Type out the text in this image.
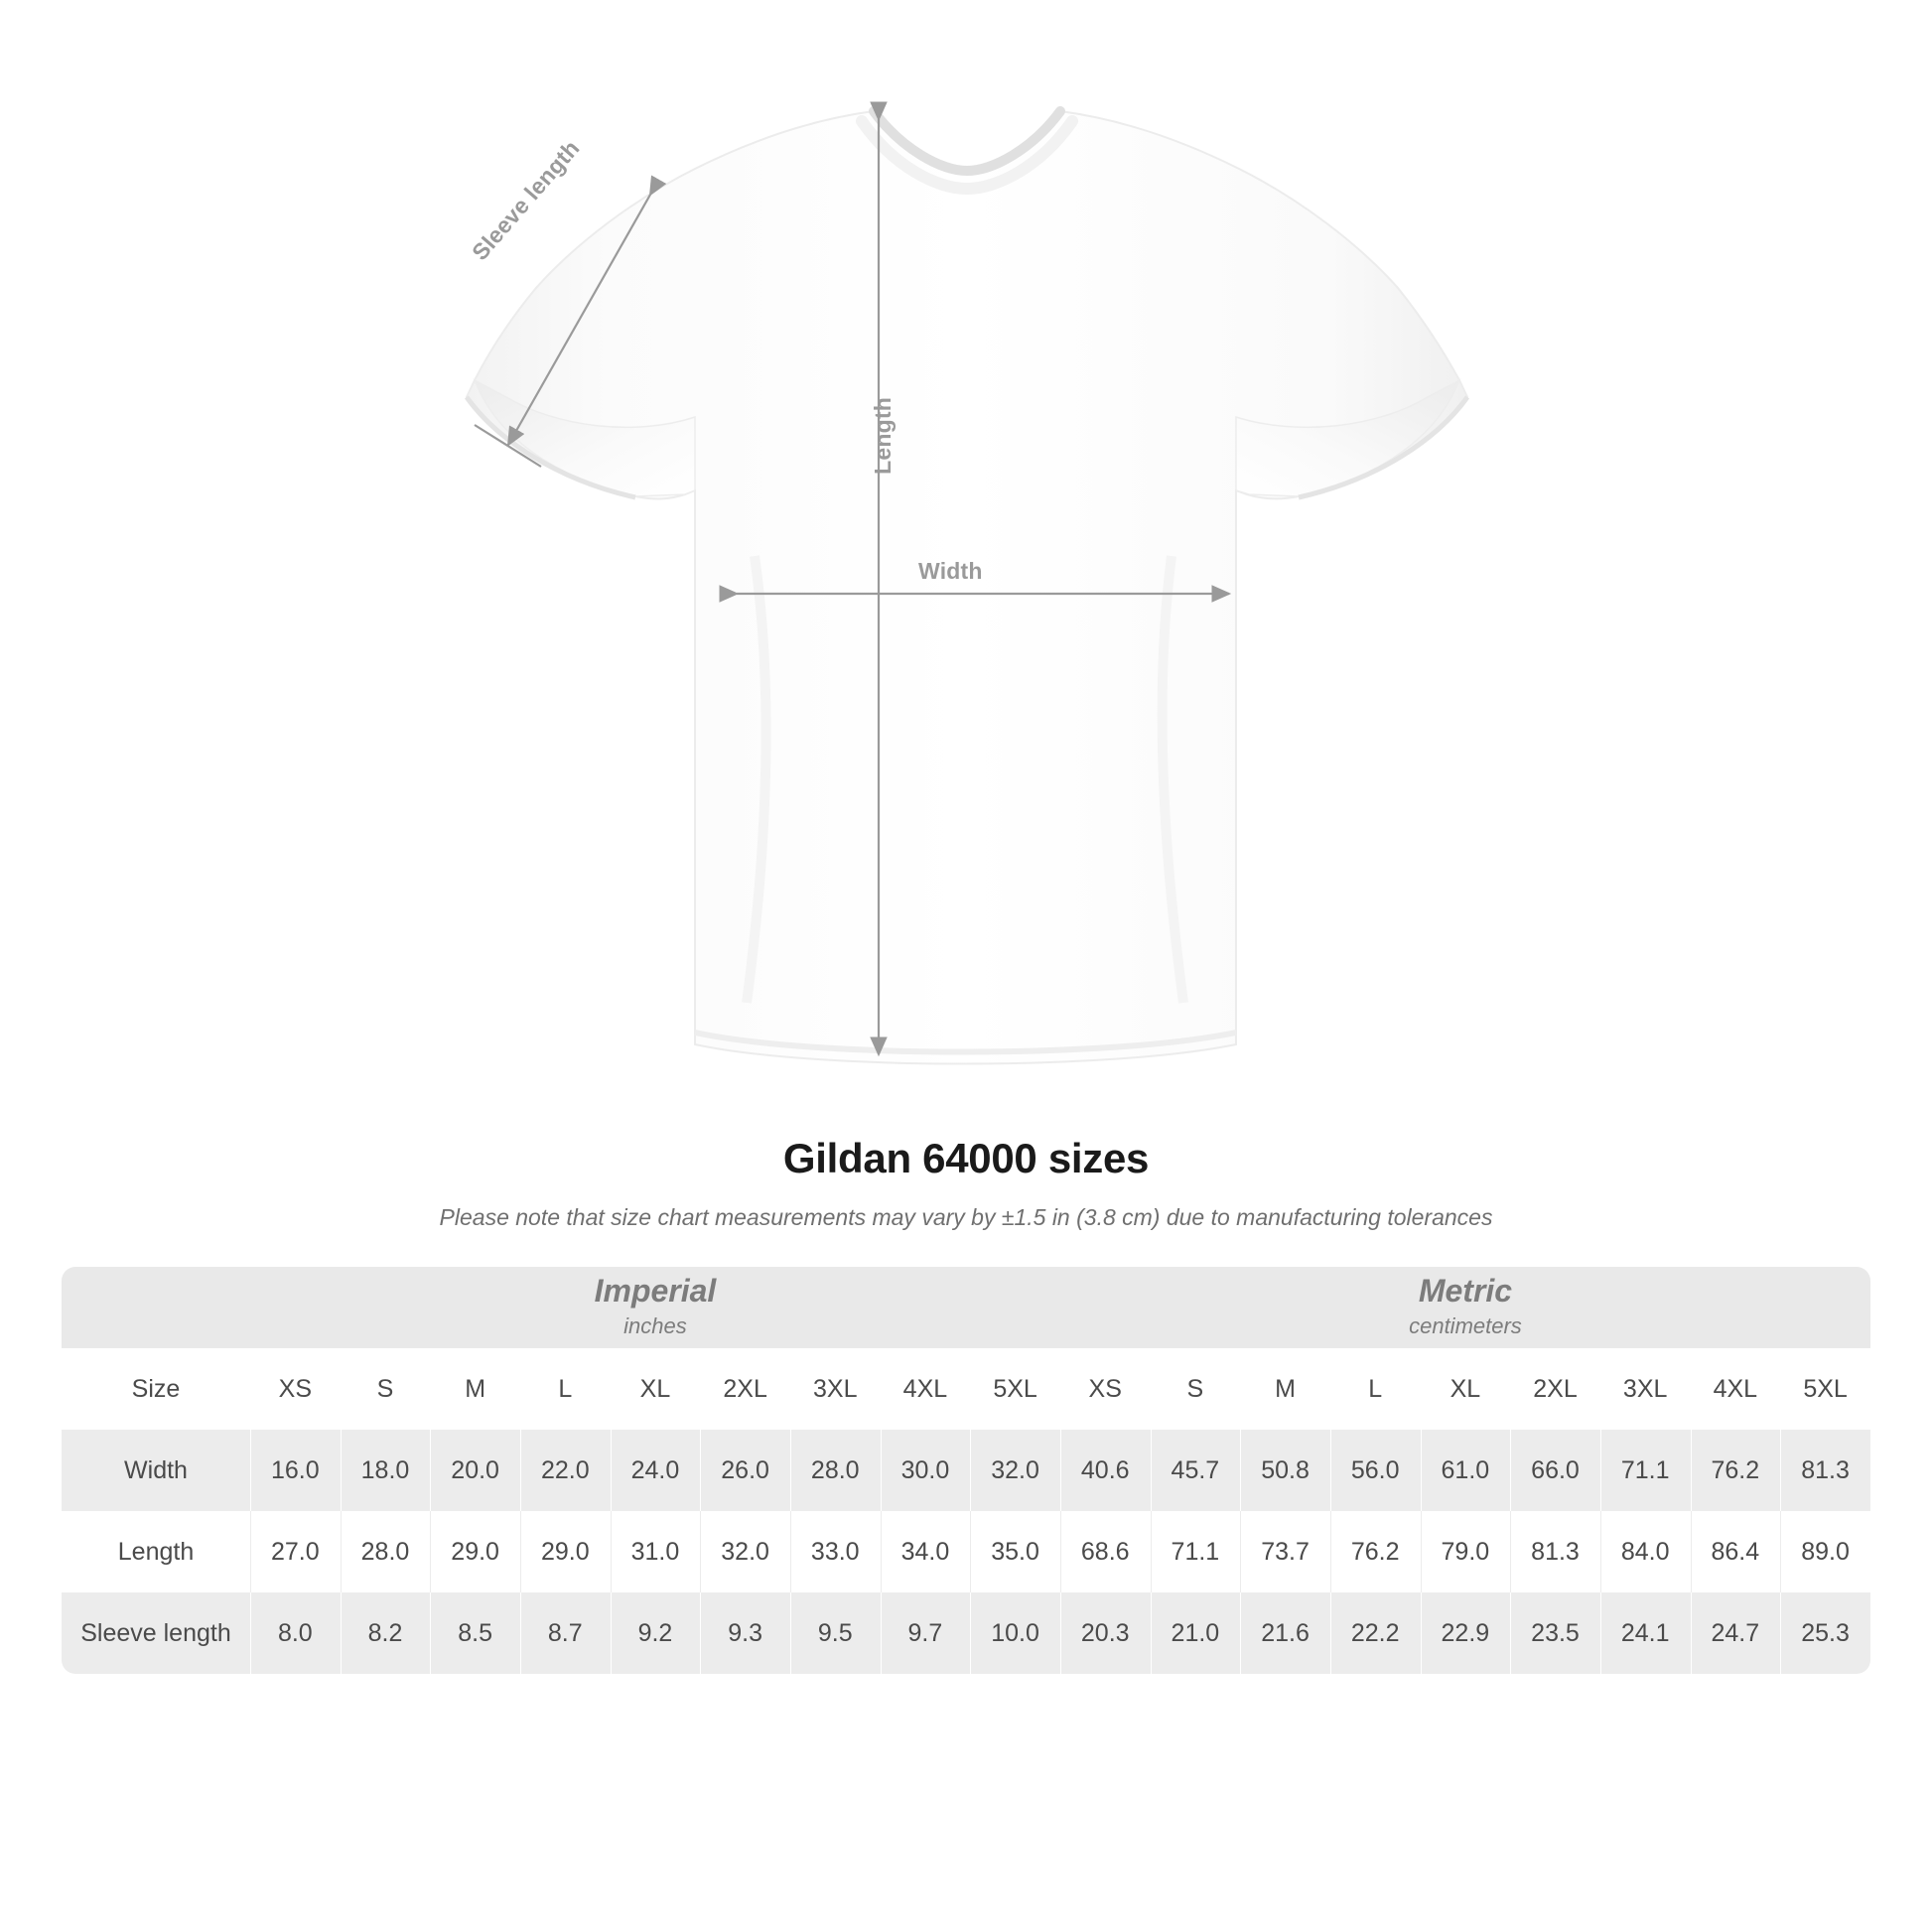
Width
Length
Sleeve length
Gildan 64000 sizes
Please note that size chart measurements may vary by ±1.5 in (3.8 cm) due to manufacturing tolerances

Imperial
inches

Metric
centimeters

Size	XS	S	M	L	XL	2XL	3XL	4XL	5XL	XS	S	M	L	XL	2XL	3XL	4XL	5XL
Width	16.0	18.0	20.0	22.0	24.0	26.0	28.0	30.0	32.0	40.6	45.7	50.8	56.0	61.0	66.0	71.1	76.2	81.3
Length	27.0	28.0	29.0	29.0	31.0	32.0	33.0	34.0	35.0	68.6	71.1	73.7	76.2	79.0	81.3	84.0	86.4	89.0
Sleeve length	8.0	8.2	8.5	8.7	9.2	9.3	9.5	9.7	10.0	20.3	21.0	21.6	22.2	22.9	23.5	24.1	24.7	25.3
